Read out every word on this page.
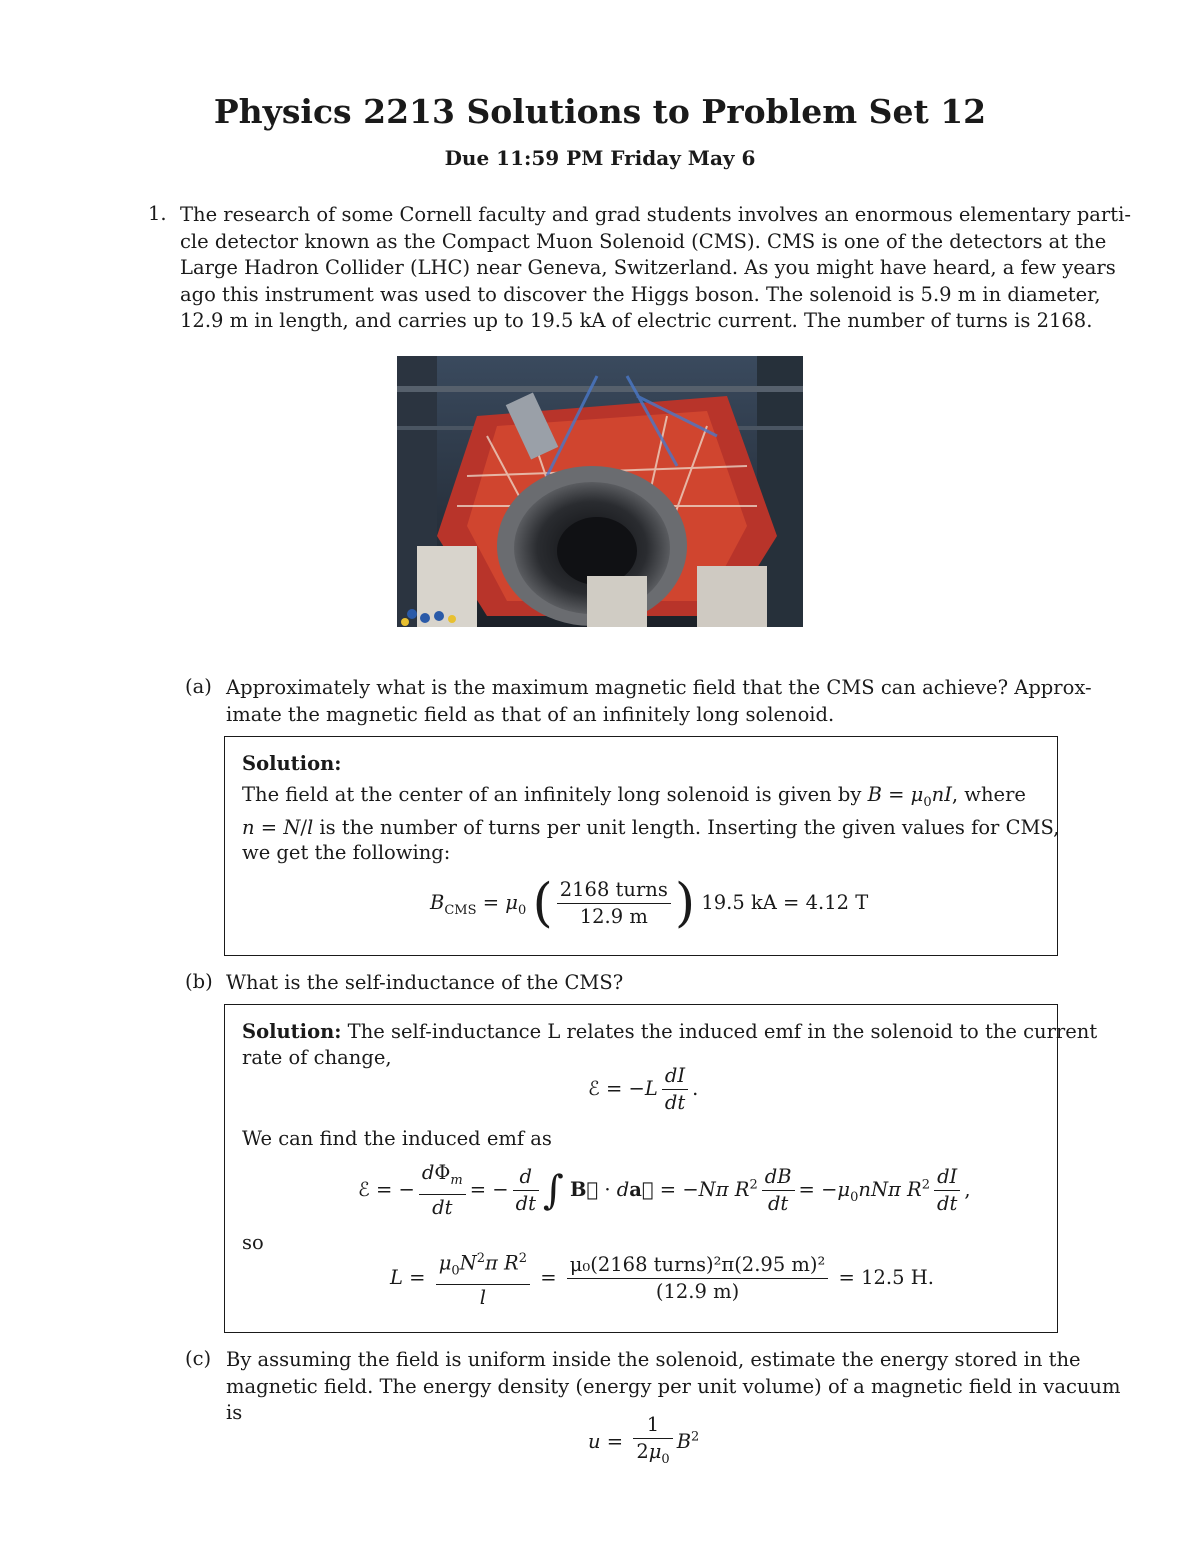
Physics 2213 Solutions to Problem Set 12
Due 11:59 PM Friday May 6
1. The research of some Cornell faculty and grad students involves an enormous elementary parti-
cle detector known as the Compact Muon Solenoid (CMS). CMS is one of the detectors at the
Large Hadron Collider (LHC) near Geneva, Switzerland. As you might have heard, a few years
ago this instrument was used to discover the Higgs boson. The solenoid is 5.9 m in diameter,
12.9 m in length, and carries up to 19.5 kA of electric current. The number of turns is 2168.
(a) Approximately what is the maximum magnetic field that the CMS can achieve? Approx-
imate the magnetic field as that of an infinitely long solenoid.
Solution:
The field at the center of an infinitely long solenoid is given by $B = \mu_0nI$, where
n = N/l is the number of turns per unit length. Inserting the given values for CMS,
we get the following:
$B_{CMS} = \mu_0$ ( $\frac{\text{2168 turns}}{12.9 m}$ ) 19.5 kA = 4.12 T
(b) What is the self-inductance of the CMS?
Solution: The self-inductance L relates the induced emf in the solenoid to the current
rate of change,
ℰ = $-L \frac{dI}{dt}$ .
We can find the induced emf as
ℰ = − $\frac{d\Phi_m}{dt}$ = − $\frac{d}{dt}$ ∫ B⃗ · da⃗ = −Nπ $R^2 \frac{dB}{dt} = -\mu_0nN\pi$ $R^2 \frac{dI}{dt}$ ,
so
$L = \frac{\mu_0N^2\pi R^2}{l} = \frac{\text{μ₀(2168 turns)²π(2.95 m)²}}{(12.9 m)} = 12.5$ H.
(c) By assuming the field is uniform inside the solenoid, estimate the energy stored in the
magnetic field. The energy density (energy per unit volume) of a magnetic field in vacuum
is
$u = \frac{1}{2\mu_0} B^2$
